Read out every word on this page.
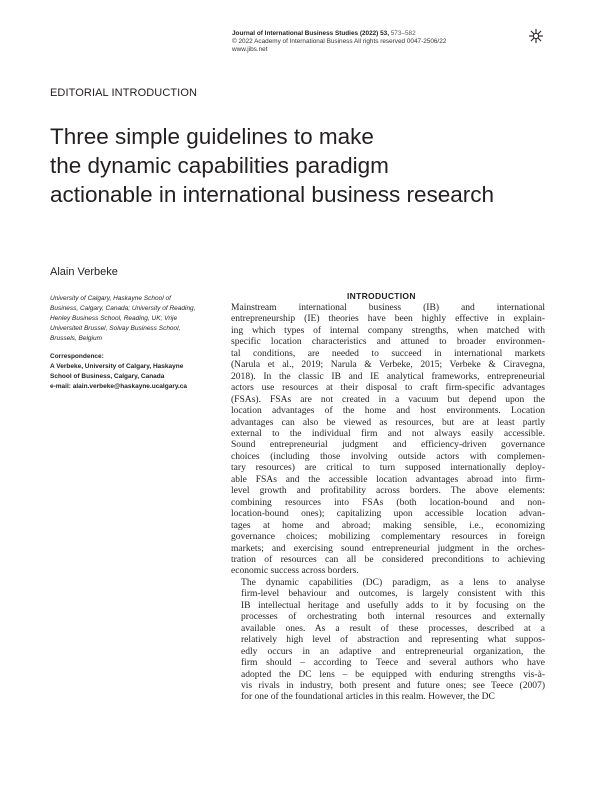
Journal of International Business Studies (2022) 53, 573–582
© 2022 Academy of International Business All rights reserved 0047-2506/22
www.jibs.net
EDITORIAL INTRODUCTION
Three simple guidelines to make
the dynamic capabilities paradigm
actionable in international business research
Alain Verbeke
University of Calgary, Haskayne School of
Business, Calgary, Canada; University of Reading,
Henley Business School, Reading, UK; Vrije
Universiteit Brussel, Solvay Business School,
Brussels, Belgium
Correspondence:
A Verbeke, University of Calgary, Haskayne
School of Business, Calgary, Canada
e-mail: alain.verbeke@haskayne.ucalgary.ca
INTRODUCTION

Mainstream international business (IB) and international
entrepreneurship (IE) theories have been highly effective in explain-
ing which types of internal company strengths, when matched with
specific location characteristics and attuned to broader environmen-
tal conditions, are needed to succeed in international markets
(Narula et al., 2019; Narula & Verbeke, 2015; Verbeke & Ciravegna,
2018). In the classic IB and IE analytical frameworks, entrepreneurial
actors use resources at their disposal to craft firm-specific advantages
(FSAs). FSAs are not created in a vacuum but depend upon the
location advantages of the home and host environments. Location
advantages can also be viewed as resources, but are at least partly
external to the individual firm and not always easily accessible.
Sound entrepreneurial judgment and efficiency-driven governance
choices (including those involving outside actors with complemen-
tary resources) are critical to turn supposed internationally deploy-
able FSAs and the accessible location advantages abroad into firm-
level growth and profitability across borders. The above elements:
combining resources into FSAs (both location-bound and non-
location-bound ones); capitalizing upon accessible location advan-
tages at home and abroad; making sensible, i.e., economizing
governance choices; mobilizing complementary resources in foreign
markets; and exercising sound entrepreneurial judgment in the orches-
tration of resources can all be considered preconditions to achieving
economic success across borders.

The dynamic capabilities (DC) paradigm, as a lens to analyse
firm-level behaviour and outcomes, is largely consistent with this
IB intellectual heritage and usefully adds to it by focusing on the
processes of orchestrating both internal resources and externally
available ones. As a result of these processes, described at a
relatively high level of abstraction and representing what suppos-
edly occurs in an adaptive and entrepreneurial organization, the
firm should – according to Teece and several authors who have
adopted the DC lens – be equipped with enduring strengths vis-à-
vis rivals in industry, both present and future ones; see Teece (2007)
for one of the foundational articles in this realm. However, the DC
